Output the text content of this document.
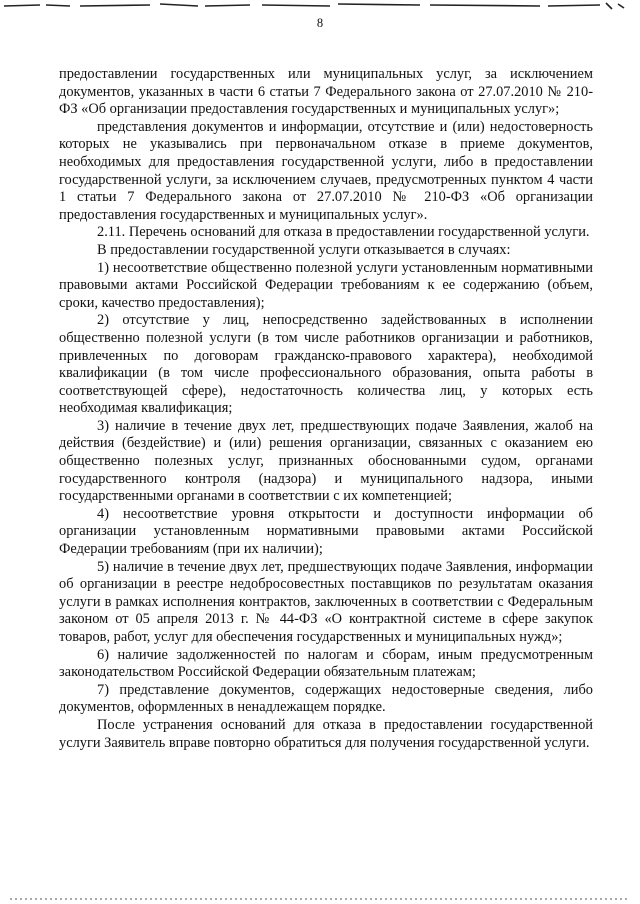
8

предоставлении государственных или муниципальных услуг, за исключением документов, указанных в части 6 статьи 7 Федерального закона от 27.07.2010 № 210-ФЗ «Об организации предоставления государственных и муниципальных услуг»;

представления документов и информации, отсутствие и (или) недостоверность которых не указывались при первоначальном отказе в приеме документов, необходимых для предоставления государственной услуги, либо в предоставлении государственной услуги, за исключением случаев, предусмотренных пунктом 4 части 1 статьи 7 Федерального закона от 27.07.2010 № 210-ФЗ «Об организации предоставления государственных и муниципальных услуг».

2.11. Перечень оснований для отказа в предоставлении государственной услуги.

В предоставлении государственной услуги отказывается в случаях:

1) несоответствие общественно полезной услуги установленным нормативными правовыми актами Российской Федерации требованиям к ее содержанию (объем, сроки, качество предоставления);

2) отсутствие у лиц, непосредственно задействованных в исполнении общественно полезной услуги (в том числе работников организации и работников, привлеченных по договорам гражданско-правового характера), необходимой квалификации (в том числе профессионального образования, опыта работы в соответствующей сфере), недостаточность количества лиц, у которых есть необходимая квалификация;

3) наличие в течение двух лет, предшествующих подаче Заявления, жалоб на действия (бездействие) и (или) решения организации, связанных с оказанием ею общественно полезных услуг, признанных обоснованными судом, органами государственного контроля (надзора) и муниципального надзора, иными государственными органами в соответствии с их компетенцией;

4) несоответствие уровня открытости и доступности информации об организации установленным нормативными правовыми актами Российской Федерации требованиям (при их наличии);

5) наличие в течение двух лет, предшествующих подаче Заявления, информации об организации в реестре недобросовестных поставщиков по результатам оказания услуги в рамках исполнения контрактов, заключенных в соответствии с Федеральным законом от 05 апреля 2013 г. № 44-ФЗ «О контрактной системе в сфере закупок товаров, работ, услуг для обеспечения государственных и муниципальных нужд»;

6) наличие задолженностей по налогам и сборам, иным предусмотренным законодательством Российской Федерации обязательным платежам;

7) представление документов, содержащих недостоверные сведения, либо документов, оформленных в ненадлежащем порядке.

После устранения оснований для отказа в предоставлении государственной услуги Заявитель вправе повторно обратиться для получения государственной услуги.
